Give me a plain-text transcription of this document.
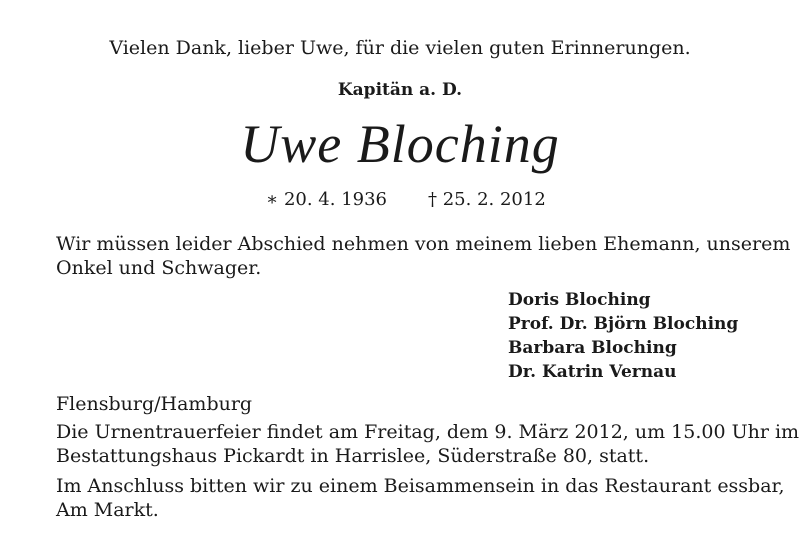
Vielen Dank, lieber Uwe, für die vielen guten Erinnerungen.
Kapitän a. D.
Uwe Bloching
∗ 20. 4. 1936 † 25. 2. 2012
Wir müssen leider Abschied nehmen von meinem lieben Ehemann, unserem
Onkel und Schwager.
Doris Bloching
Prof. Dr. Björn Bloching
Barbara Bloching
Dr. Katrin Vernau
Flensburg/Hamburg
Die Urnentrauerfeier findet am Freitag, dem 9. März 2012, um 15.00 Uhr im
Bestattungshaus Pickardt in Harrislee, Süderstraße 80, statt.
Im Anschluss bitten wir zu einem Beisammensein in das Restaurant essbar,
Am Markt.
